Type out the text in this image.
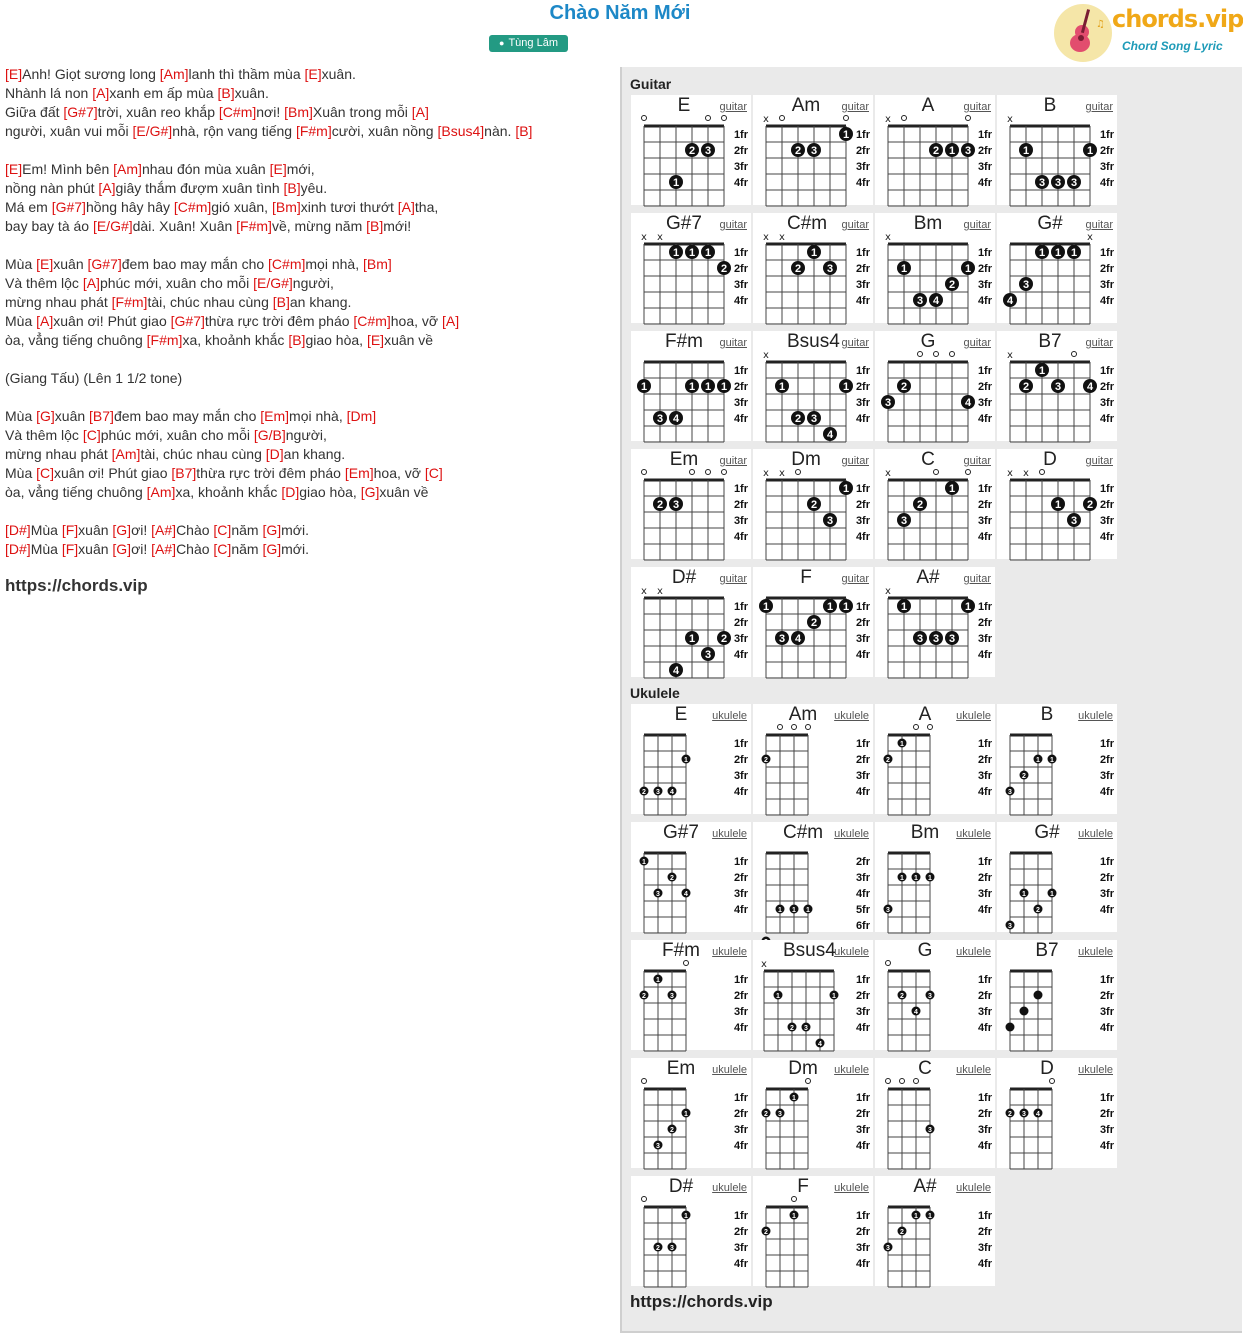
Chào Năm Mới
● Tùng Lâm
♫ chords.vip
Chord Song Lyric
[E]Anh! Giọt sương long [Am]lanh thì thầm mùa [E]xuân.
Nhành lá non [A]xanh em ấp mùa [B]xuân.
Giữa đất [G#7]trời, xuân reo khắp [C#m]nơi! [Bm]Xuân trong mỗi [A]
người, xuân vui mỗi [E/G#]nhà, rộn vang tiếng [F#m]cười, xuân nồng [Bsus4]nàn. [B]
[E]Em! Mình bên [Am]nhau đón mùa xuân [E]mới,
nồng nàn phút [A]giây thắm đượm xuân tình [B]yêu.
Má em [G#7]hồng hây hây [C#m]gió xuân, [Bm]xinh tươi thướt [A]tha,
bay bay tà áo [E/G#]dài. Xuân! Xuân [F#m]về, mừng năm [B]mới!
Mùa [E]xuân [G#7]đem bao may mắn cho [C#m]mọi nhà, [Bm]
Và thêm lộc [A]phúc mới, xuân cho mỗi [E/G#]người,
mừng nhau phát [F#m]tài, chúc nhau cùng [B]an khang.
Mùa [A]xuân ơi! Phút giao [G#7]thừa rực trời đêm pháo [C#m]hoa, vỡ [A]
òa, vẳng tiếng chuông [F#m]xa, khoảnh khắc [B]giao hòa, [E]xuân về
(Giang Tấu) (Lên 1 1/2 tone)
Mùa [G]xuân [B7]đem bao may mắn cho [Em]mọi nhà, [Dm]
Và thêm lộc [C]phúc mới, xuân cho mỗi [G/B]người,
mừng nhau phát [Am]tài, chúc nhau cùng [D]an khang.
Mùa [C]xuân ơi! Phút giao [B7]thừa rực trời đêm pháo [Em]hoa, vỡ [C]
òa, vẳng tiếng chuông [Am]xa, khoảnh khắc [D]giao hòa, [G]xuân về
[D#]Mùa [F]xuân [G]ơi! [A#]Chào [C]năm [G]mới.
[D#]Mùa [F]xuân [G]ơi! [A#]Chào [C]năm [G]mới.
https://chords.vip
Guitar
Ukulele
1fr
2fr
3fr
4fr
1
2 3
E	guitar
1fr
2fr
3fr
4fr
x
2 3
1
Am	guitar
1fr
2fr
3fr
4fr
x
2 1 3
A	guitar
1fr
2fr
3fr
4fr
x
1
3 3 3
1
B	guitar
1fr
2fr
3fr
4fr
x x
1 1 1
2
G#7 guitar
1fr
2fr
3fr
4fr
x x
2
1
3
C#m guitar
1fr
2fr
3fr
4fr
x
1
3 4
2
1
Bm	guitar
1fr
2fr
3fr
4fr
x
4
3
1 1 1
G#	guitar
1fr
2fr
3fr
4fr
1
3 4
1 1 1
F#m guitar
1fr
2fr
3fr
4fr
x
1
2 3
4
1
Bsus4 guitar
1fr
2fr
3fr
4fr
3
2
4
G	guitar
1fr
2fr
3fr
4fr
x
2
1
3 4
B7	guitar
1fr
2fr
3fr
4fr
2 3
Em	guitar
1fr
2fr
3fr
4fr
x x
2
3
1
Dm	guitar
1fr
2fr
3fr
4fr
x
3
2
1
C	guitar
1fr
2fr
3fr
4fr
x x
1
3
2
D	guitar
1fr
2fr
3fr
4fr
x x
4
1
3
2
D#	guitar
1fr
2fr
3fr
4fr
1
3 4
2
1 1
F	guitar
1fr
2fr
3fr
4fr
x
1
3 3 3
1
A#	guitar
1fr
2fr
3fr
4fr
2 3 4
1
E	ukulele
1fr
2fr
3fr
4fr
2
Am	ukulele
1fr
2fr
3fr
4fr
2
1
A	ukulele
1fr
2fr
3fr
4fr
3
2
1 1
B	ukulele
1fr
2fr
3fr
4fr
1
3
2
4
G#7 ukulele
2fr
3fr
4fr
5fr
6fr
1 1 1
C#m ukulele
1fr
2fr
3fr
4fr
3
1 1 1
Bm	ukulele
1fr
2fr
3fr
4fr
3
1
2
1
G#	ukulele
1fr
2fr
3fr
4fr
2
1
3
F#m ukulele
1fr
2fr
3fr
4fr
x
1
2 3
4
1
Bsus4
ukulele
1fr
2fr
3fr
4fr
2
4
3
G	ukulele
1fr
2fr
3fr
4fr
B7	ukulele
1fr
2fr
3fr
4fr
3
2
1
Em	ukulele
1fr
2fr
3fr
4fr
2 3
1
Dm	ukulele
1fr
2fr
3fr
4fr
3
C	ukulele
1fr
2fr
3fr
4fr
2 3 4
D	ukulele
1fr
2fr
3fr
4fr
2 3
1
D#	ukulele
1fr
2fr
3fr
4fr
2
1
F	ukulele
1fr
2fr
3fr
4fr
3
2
1 1
A#	ukulele
https://chords.vip
